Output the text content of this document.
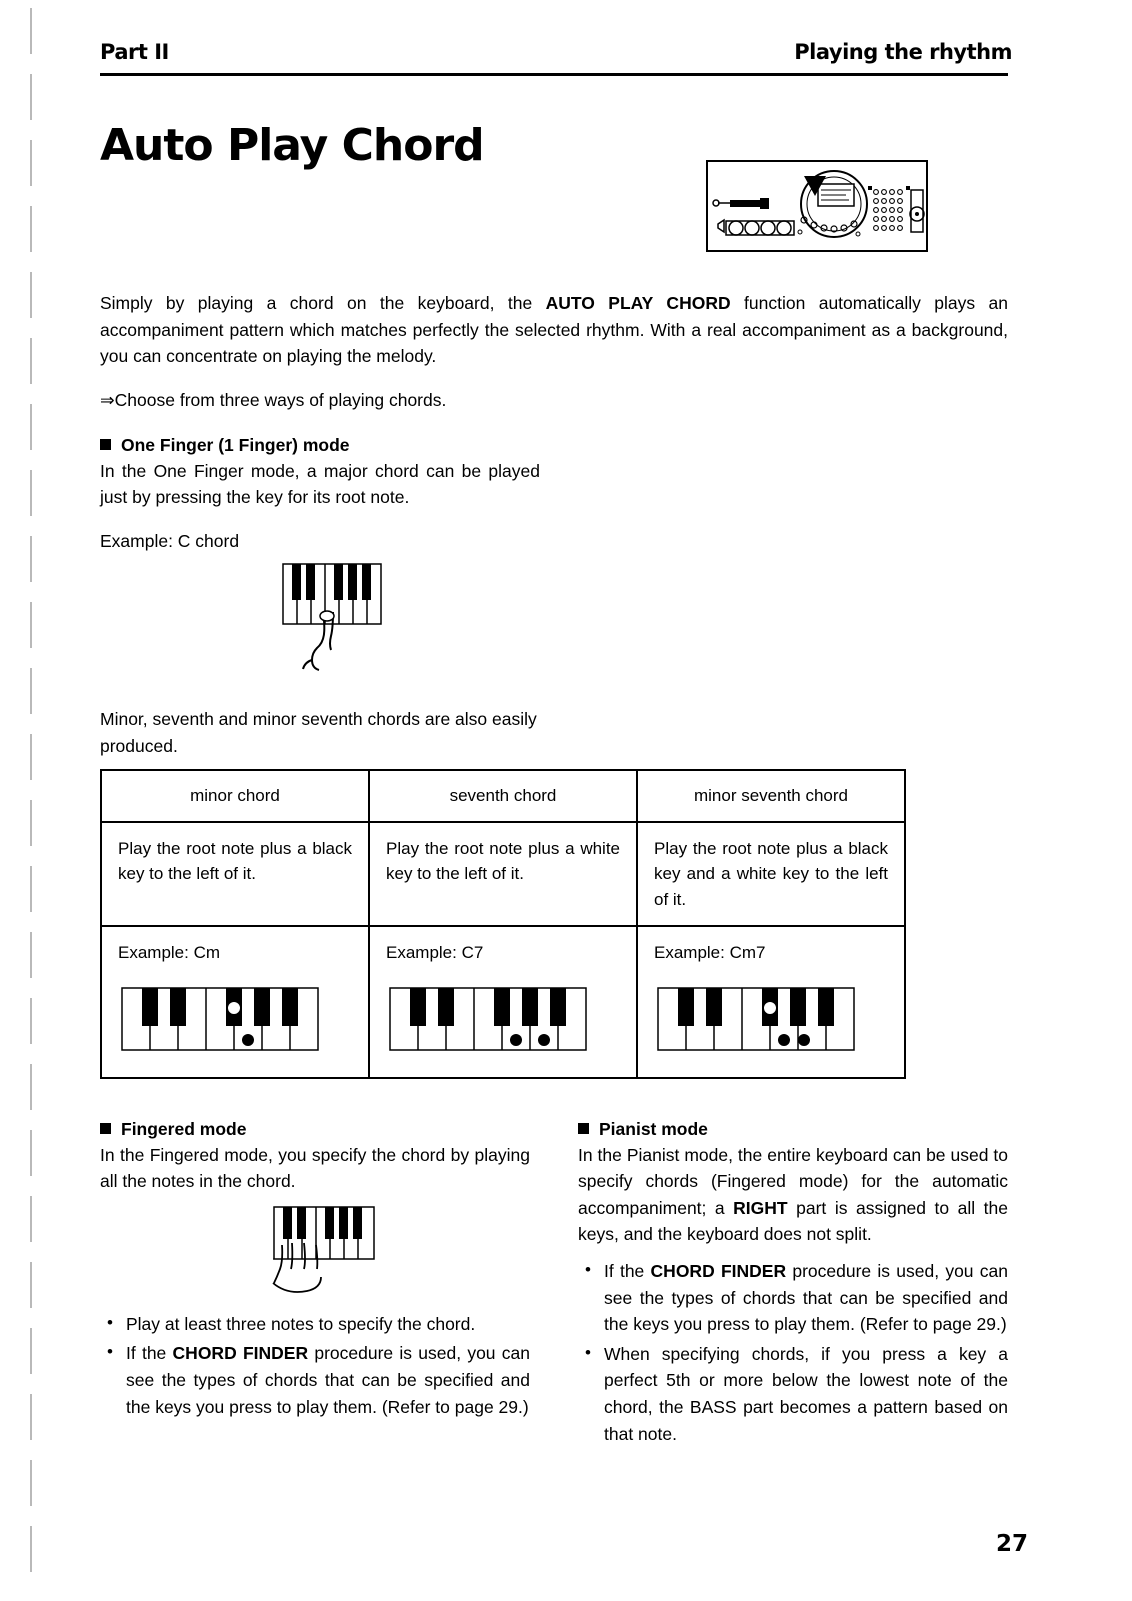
Part II	Playing the rhythm
Auto Play Chord

Simply by playing a chord on the keyboard, the AUTO PLAY CHORD function automatically plays an accompaniment pattern which matches perfectly the selected rhythm. With a real accompaniment as a background, you can concentrate on playing the melody.

⇒Choose from three ways of playing chords.
One Finger (1 Finger) mode

In the One Finger mode, a major chord can be played just by pressing the key for its root note.

Example: C chord

Minor, seventh and minor seventh chords are also easily produced.

minor chord	seventh chord	minor seventh chord
Play the root note plus a black key to the left of it.	Play the root note plus a white key to the left of it.	Play the root note plus a black key and a white key to the left of it.

Example: Cm	Example: C7	Example: Cm7
Fingered mode

In the Fingered mode, you specify the chord by playing all the notes in the chord.

• Play at least three notes to specify the chord.
• If the CHORD FINDER procedure is used, you can see the types of chords that can be specified and the keys you press to play them. (Refer to page 29.)
Pianist mode

In the Pianist mode, the entire keyboard can be used to specify chords (Fingered mode) for the automatic accompaniment; a RIGHT part is assigned to all the keys, and the keyboard does not split.

• If the CHORD FINDER procedure is used, you can see the types of chords that can be specified and the keys you press to play them. (Refer to page 29.)
• When specifying chords, if you press a key a perfect 5th or more below the lowest note of the chord, the BASS part becomes a pattern based on that note.
27
